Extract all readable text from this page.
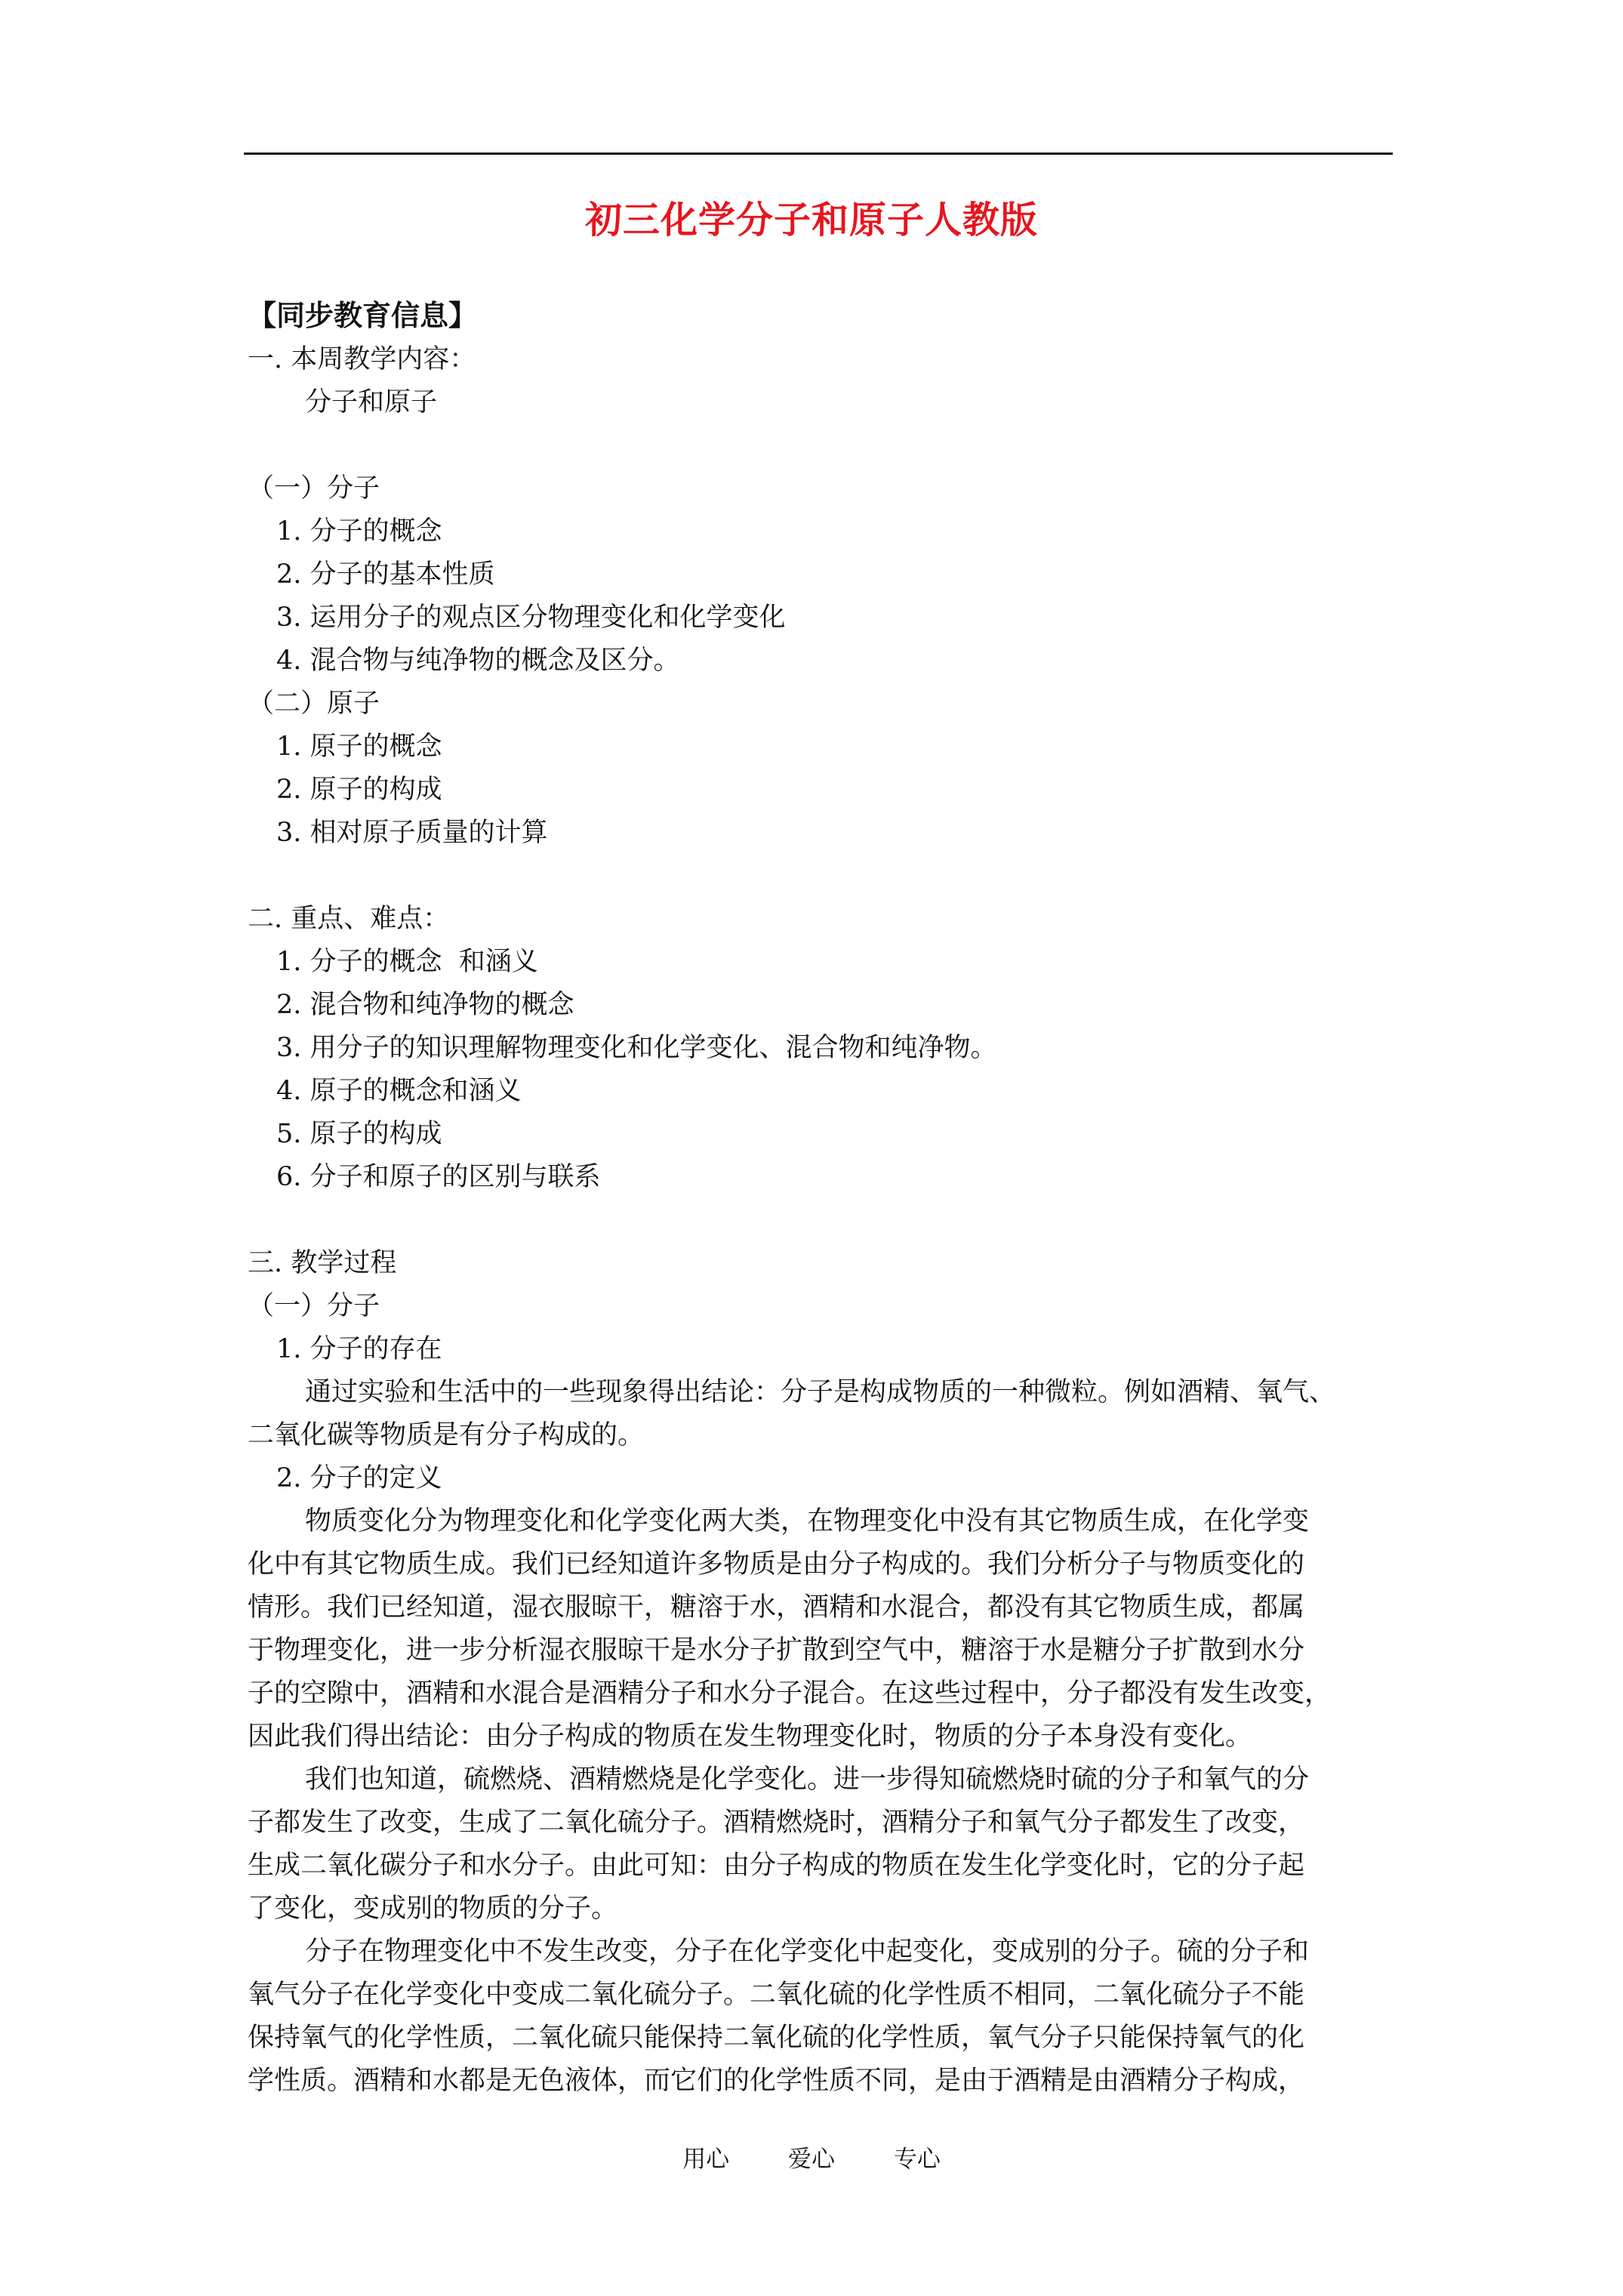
初三化学分子和原子人教版
【同步教育信息】
一. 本周教学内容：
分子和原子
（一）分子
1. 分子的概念
2. 分子的基本性质
3. 运用分子的观点区分物理变化和化学变化
4. 混合物与纯净物的概念及区分。
（二）原子
1. 原子的概念
2. 原子的构成
3. 相对原子质量的计算
二. 重点、难点：
1. 分子的概念  和涵义
2. 混合物和纯净物的概念
3. 用分子的知识理解物理变化和化学变化、混合物和纯净物。
4. 原子的概念和涵义
5. 原子的构成
6. 分子和原子的区别与联系
三. 教学过程
（一）分子
1. 分子的存在
通过实验和生活中的一些现象得出结论：分子是构成物质的一种微粒。例如酒精、氧气、
二氧化碳等物质是有分子构成的。
2. 分子的定义
物质变化分为物理变化和化学变化两大类，在物理变化中没有其它物质生成，在化学变
化中有其它物质生成。我们已经知道许多物质是由分子构成的。我们分析分子与物质变化的
情形。我们已经知道，湿衣服晾干，糖溶于水，酒精和水混合，都没有其它物质生成，都属
于物理变化，进一步分析湿衣服晾干是水分子扩散到空气中，糖溶于水是糖分子扩散到水分
子的空隙中，酒精和水混合是酒精分子和水分子混合。在这些过程中，分子都没有发生改变，
因此我们得出结论：由分子构成的物质在发生物理变化时，物质的分子本身没有变化。
我们也知道，硫燃烧、酒精燃烧是化学变化。进一步得知硫燃烧时硫的分子和氧气的分
子都发生了改变，生成了二氧化硫分子。酒精燃烧时，酒精分子和氧气分子都发生了改变，
生成二氧化碳分子和水分子。由此可知：由分子构成的物质在发生化学变化时，它的分子起
了变化，变成别的物质的分子。
分子在物理变化中不发生改变，分子在化学变化中起变化，变成别的分子。硫的分子和
氧气分子在化学变化中变成二氧化硫分子。二氧化硫的化学性质不相同，二氧化硫分子不能
保持氧气的化学性质，二氧化硫只能保持二氧化硫的化学性质，氧气分子只能保持氧气的化
学性质。酒精和水都是无色液体，而它们的化学性质不同，是由于酒精是由酒精分子构成，
用心	爱心	专心
